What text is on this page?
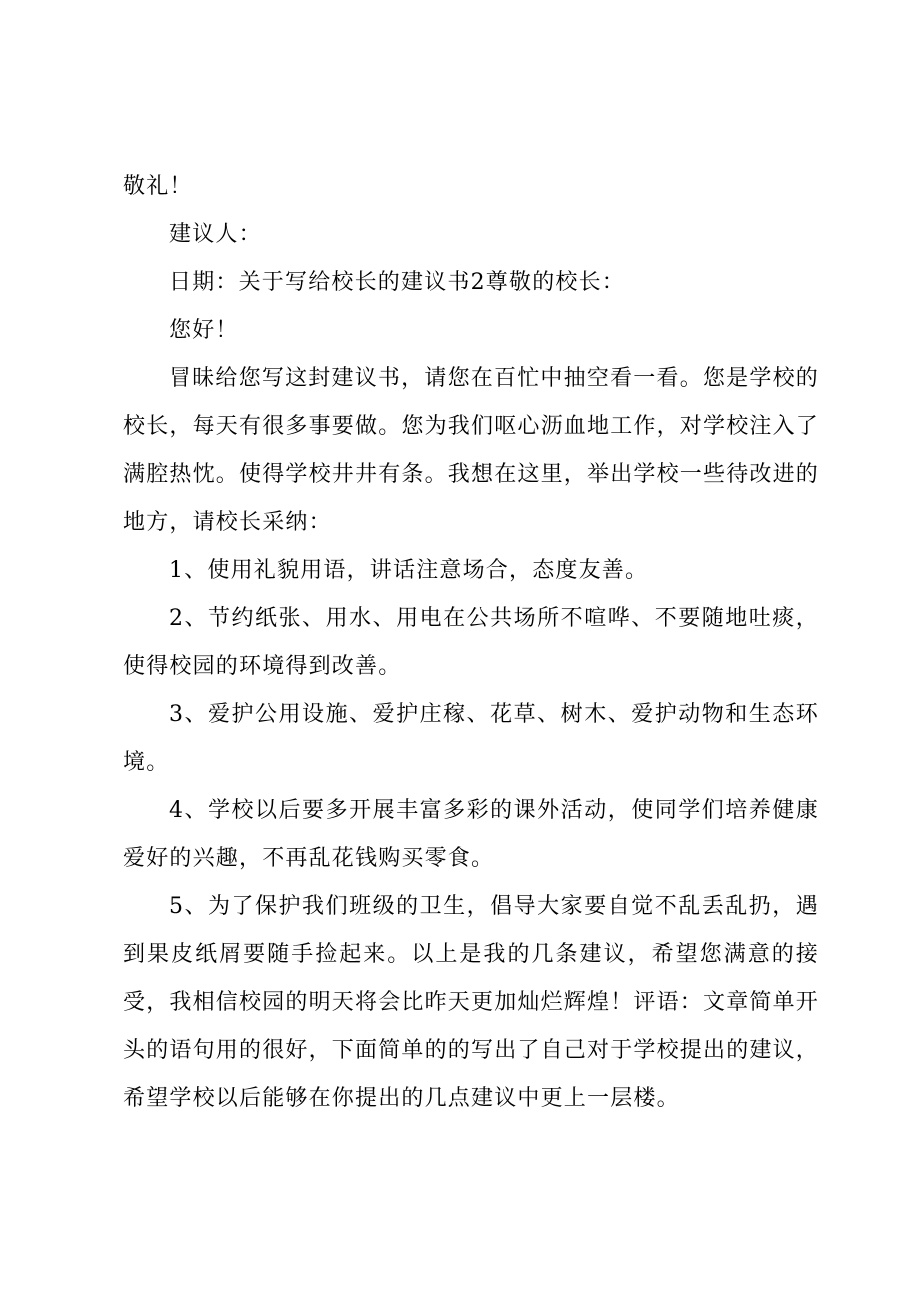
敬礼！

建议人：

日期：关于写给校长的建议书2尊敬的校长：

您好！

冒昧给您写这封建议书，请您在百忙中抽空看一看。您是学校的校长，每天有很多事要做。您为我们呕心沥血地工作，对学校注入了满腔热忱。使得学校井井有条。我想在这里，举出学校一些待改进的地方，请校长采纳：

1、使用礼貌用语，讲话注意场合，态度友善。

2、节约纸张、用水、用电在公共场所不喧哗、不要随地吐痰，使得校园的环境得到改善。

3、爱护公用设施、爱护庄稼、花草、树木、爱护动物和生态环境。

4、学校以后要多开展丰富多彩的课外活动，使同学们培养健康爱好的兴趣，不再乱花钱购买零食。

5、为了保护我们班级的卫生，倡导大家要自觉不乱丢乱扔，遇到果皮纸屑要随手捡起来。以上是我的几条建议，希望您满意的接受，我相信校园的明天将会比昨天更加灿烂辉煌！评语：文章简单开头的语句用的很好，下面简单的的写出了自己对于学校提出的建议，希望学校以后能够在你提出的几点建议中更上一层楼。
